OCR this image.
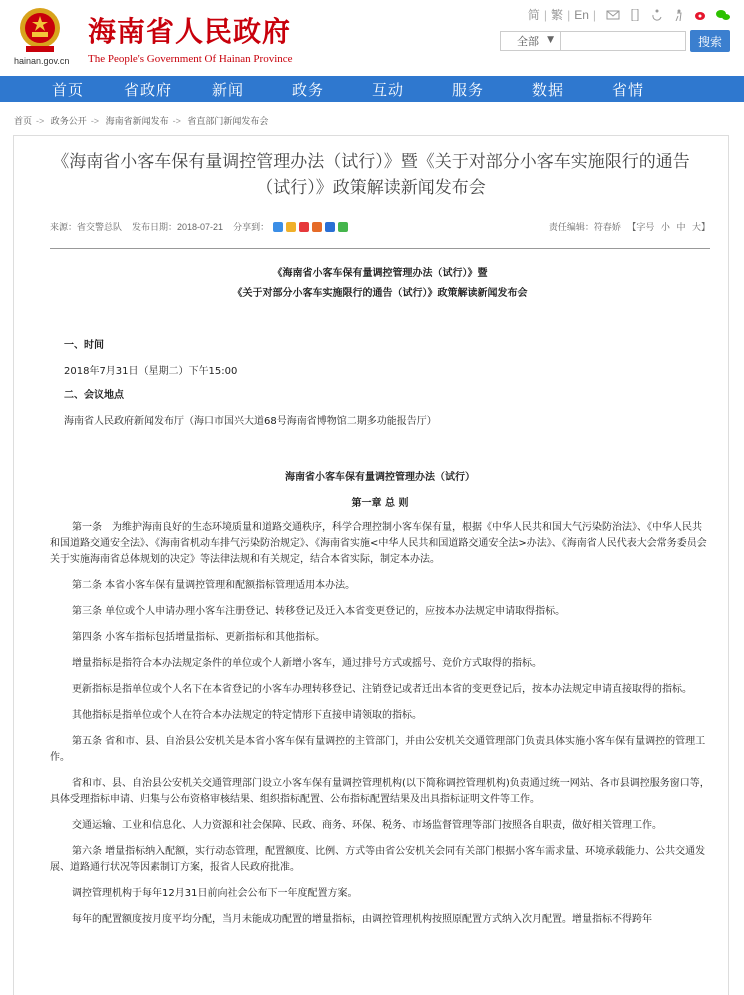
hainan.gov.cn
海南省人民政府
The People's Government Of Hainan Province
简 | 繁 | En |
全部 ▼	搜索
首页	省政府	新闻	政务	互动	服务	数据	省情
首页 -> 政务公开 -> 海南省新闻发布 -> 省直部门新闻发布会
《海南省小客车保有量调控管理办法（试行）》暨《关于对部分小客车实施限行的通告（试行）》政策解读新闻发布会
来源：省交警总队 发布日期：2018-07-21 分享到：	责任编辑：符春娇 【字号 小 中 大】
《海南省小客车保有量调控管理办法（试行）》暨
《关于对部分小客车实施限行的通告（试行）》政策解读新闻发布会
一、时间
2018年7月31日（星期二）下午15:00
二、会议地点
海南省人民政府新闻发布厅（海口市国兴大道68号海南省博物馆二期多功能报告厅）
海南省小客车保有量调控管理办法（试行）
第一章 总 则

第一条　为维护海南良好的生态环境质量和道路交通秩序，科学合理控制小客车保有量，根据《中华人民共和国大气污染防治法》、《中华人民共和国道路交通安全法》、《海南省机动车排气污染防治规定》、《海南省实施<中华人民共和国道路交通安全法>办法》、《海南省人民代表大会常务委员会关于实施海南省总体规划的决定》等法律法规和有关规定，结合本省实际，制定本办法。

第二条 本省小客车保有量调控管理和配额指标管理适用本办法。

第三条 单位或个人申请办理小客车注册登记、转移登记及迁入本省变更登记的，应按本办法规定申请取得指标。

第四条 小客车指标包括增量指标、更新指标和其他指标。

增量指标是指符合本办法规定条件的单位或个人新增小客车，通过排号方式或摇号、竞价方式取得的指标。

更新指标是指单位或个人名下在本省登记的小客车办理转移登记、注销登记或者迁出本省的变更登记后，按本办法规定申请直接取得的指标。

其他指标是指单位或个人在符合本办法规定的特定情形下直接申请领取的指标。

第五条 省和市、县、自治县公安机关是本省小客车保有量调控的主管部门，并由公安机关交通管理部门负责具体实施小客车保有量调控的管理工作。

省和市、县、自治县公安机关交通管理部门设立小客车保有量调控管理机构(以下简称调控管理机构)负责通过统一网站、各市县调控服务窗口等，具体受理指标申请、归集与公布资格审核结果、组织指标配置、公布指标配置结果及出具指标证明文件等工作。

交通运输、工业和信息化、人力资源和社会保障、民政、商务、环保、税务、市场监督管理等部门按照各自职责，做好相关管理工作。

第六条 增量指标纳入配额，实行动态管理，配置额度、比例、方式等由省公安机关会同有关部门根据小客车需求量、环境承载能力、公共交通发展、道路通行状况等因素制订方案，报省人民政府批准。

调控管理机构于每年12月31日前向社会公布下一年度配置方案。

每年的配置额度按月度平均分配，当月未能成功配置的增量指标，由调控管理机构按照原配置方式纳入次月配置。增量指标不得跨年
